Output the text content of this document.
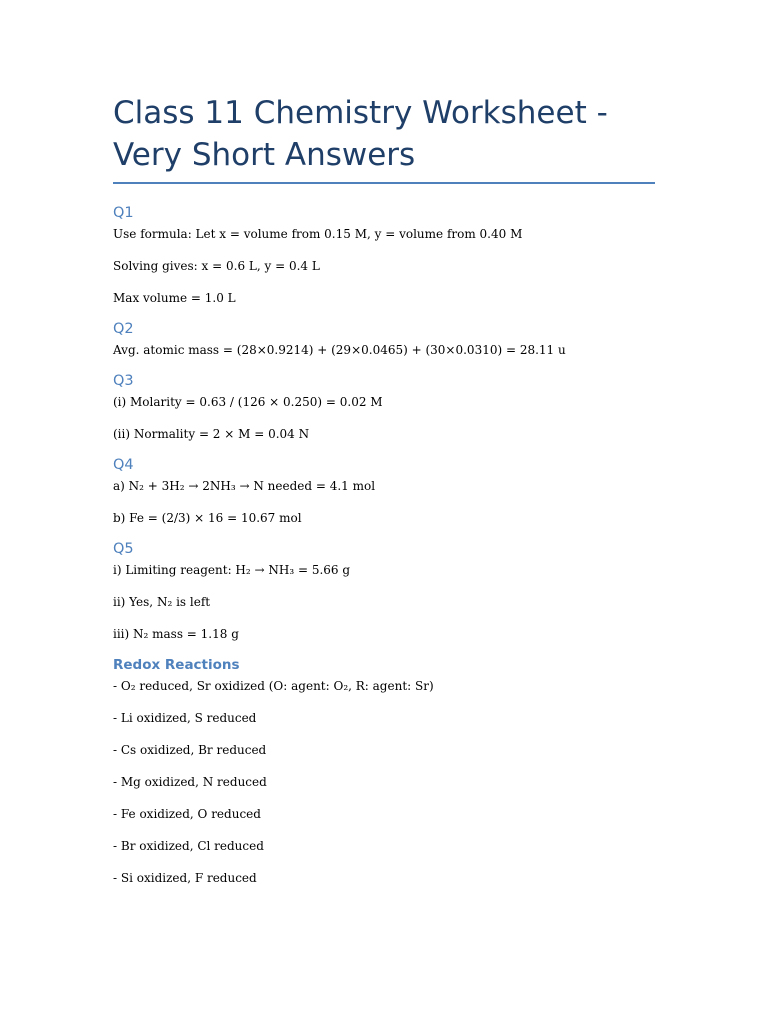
Class 11 Chemistry Worksheet - Very Short Answers
Q1

Use formula: Let x = volume from 0.15 M, y = volume from 0.40 M

Solving gives: x = 0.6 L, y = 0.4 L

Max volume = 1.0 L

Q2

Avg. atomic mass = (28×0.9214) + (29×0.0465) + (30×0.0310) = 28.11 u

Q3

(i) Molarity = 0.63 / (126 × 0.250) = 0.02 M

(ii) Normality = 2 × M = 0.04 N

Q4

a) N₂ + 3H₂ → 2NH₃ → N needed = 4.1 mol

b) Fe = (2/3) × 16 = 10.67 mol

Q5

i) Limiting reagent: H₂ → NH₃ = 5.66 g

ii) Yes, N₂ is left

iii) N₂ mass = 1.18 g

Redox Reactions

- O₂ reduced, Sr oxidized (O: agent: O₂, R: agent: Sr)

- Li oxidized, S reduced

- Cs oxidized, Br reduced

- Mg oxidized, N reduced

- Fe oxidized, O reduced

- Br oxidized, Cl reduced

- Si oxidized, F reduced
